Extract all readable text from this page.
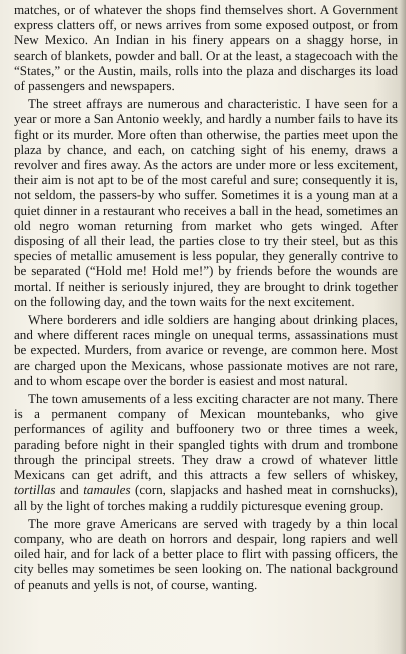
matches, or of whatever the shops find themselves short. A Government express clatters off, or news arrives from some exposed outpost, or from New Mexico. An Indian in his finery appears on a shaggy horse, in search of blankets, powder and ball. Or at the least, a stagecoach with the “States,” or the Austin, mails, rolls into the plaza and discharges its load of passengers and newspapers.

The street affrays are numerous and characteristic. I have seen for a year or more a San Antonio weekly, and hardly a number fails to have its fight or its murder. More often than otherwise, the parties meet upon the plaza by chance, and each, on catching sight of his enemy, draws a revolver and fires away. As the actors are under more or less excitement, their aim is not apt to be of the most careful and sure; consequently it is, not seldom, the passers-by who suffer. Sometimes it is a young man at a quiet dinner in a restaurant who receives a ball in the head, sometimes an old negro woman returning from market who gets winged. After disposing of all their lead, the parties close to try their steel, but as this species of metallic amusement is less popular, they generally contrive to be separated (“Hold me! Hold me!”) by friends before the wounds are mortal. If neither is seriously injured, they are brought to drink together on the following day, and the town waits for the next excitement.

Where borderers and idle soldiers are hanging about drinking places, and where different races mingle on unequal terms, assassinations must be expected. Murders, from avarice or revenge, are common here. Most are charged upon the Mexicans, whose passionate motives are not rare, and to whom escape over the border is easiest and most natural.

The town amusements of a less exciting character are not many. There is a permanent company of Mexican mountebanks, who give performances of agility and buffoonery two or three times a week, parading before night in their spangled tights with drum and trombone through the principal streets. They draw a crowd of whatever little Mexicans can get adrift, and this attracts a few sellers of whiskey, tortillas and tamaules (corn, slapjacks and hashed meat in cornshucks), all by the light of torches making a ruddily picturesque evening group.

The more grave Americans are served with tragedy by a thin local company, who are death on horrors and despair, long rapiers and well oiled hair, and for lack of a better place to flirt with passing officers, the city belles may sometimes be seen looking on. The national background of peanuts and yells is not, of course, wanting.
